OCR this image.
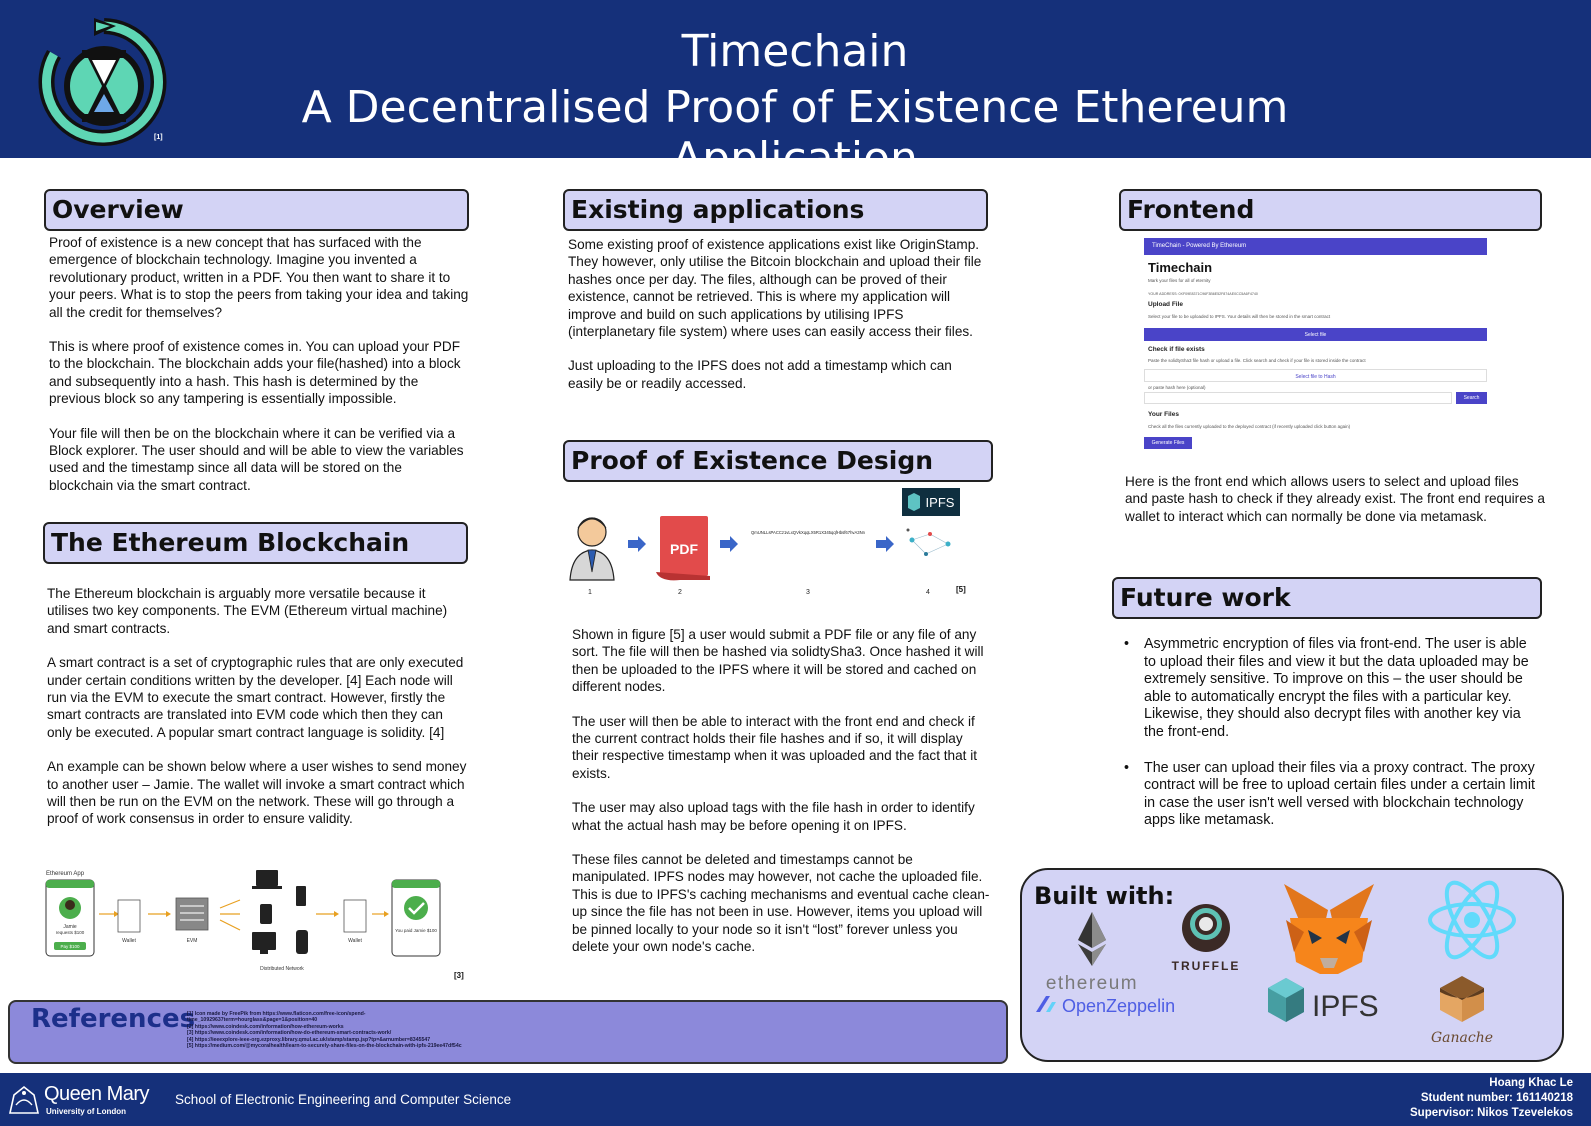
[1]
Timechain
A Decentralised Proof of Existence Ethereum Application
Overview

Proof of existence is a new concept that has surfaced with the emergence of blockchain technology. Imagine you invented a revolutionary product, written in a PDF. You then want to share it to your peers. What is to stop the peers from taking your idea and taking all the credit for themselves?

This is where proof of existence comes in. You can upload your PDF to the blockchain. The blockchain adds your file(hashed) into a block and subsequently into a hash. This hash is determined by the previous block so any tampering is essentially impossible.

Your file will then be on the blockchain where it can be verified via a Block explorer. The user should and will be able to view the variables used and the timestamp since all data will be stored on the blockchain via the smart contract.

The Ethereum Blockchain

The Ethereum blockchain is arguably more versatile because it utilises two key components. The EVM (Ethereum virtual machine) and smart contracts.

A smart contract is a set of cryptographic rules that are only executed under certain conditions written by the developer. [4] Each node will run via the EVM to execute the smart contract. However, firstly the smart contracts are translated into EVM code which then they can only be executed. A popular smart contract language is solidity. [4]

An example can be shown below where a user wishes to send money to another user – Jamie. The wallet will invoke a smart contract which will then be run on the EVM on the network. These will go through a proof of work consensus in order to ensure validity.

Ethereum App
Jamie
requests $100
Pay $100
Wallet	EVM
Distributed Network
Wallet
You paid Jamie $100
[3]
Existing applications

Some existing proof of existence applications exist like OriginStamp. They however, only utilise the Bitcoin blockchain and upload their file hashes once per day. The files, although can be proved of their existence, cannot be retrieved. This is where my application will improve and build on such applications by utilising IPFS (interplanetary file system) where uses can easily access their files.

Just uploading to the IPFS does not add a timestamp which can easily be or readily accessed.

Proof of Existence Design
PDF
QmUNLLsPACCz1vLxQVkXqqLX5R1X345qqfHbsf67hvA3Nn
IPFS
1	2	3	4	[5]

Shown in figure [5] a user would submit a PDF file or any file of any sort. The file will then be hashed via solidtySha3. Once hashed it will then be uploaded to the IPFS where it will be stored and cached on different nodes.

The user will then be able to interact with the front end and check if the current contract holds their file hashes and if so, it will display their respective timestamp when it was uploaded and the fact that it exists.

The user may also upload tags with the file hash in order to identify what the actual hash may be before opening it on IPFS.

These files cannot be deleted and timestamps cannot be manipulated. IPFS nodes may however, not cache the uploaded file. This is due to IPFS's caching mechanisms and eventual cache clean-up since the file has not been in use. However, items you upload will be pinned locally to your node so it isn't “lost” forever unless you delete your own node's cache.

Frontend
TimeChain - Powered By Ethereum
Timechain
Mark your files for all of eternity
YOUR ADDRESS: 0XF09E8371C96F3B6E52F874AE0CC5A6F4740
Upload File
Select your file to be uploaded to IPFS. Your details will then be stored in the smart contract
Select file
Check if file exists
Paste the solidtySha3 file hash or upload a file. Click search and check if your file is stored inside the contract
Select file to Hash
or paste hash here (optional)
Search
Your Files
Check all the files currently uploaded to the deployed contract (if recently uploaded click button again)
Generate Files

Here is the front end which allows users to select and upload files and paste hash to check if they already exist. The front end requires a wallet to interact which can normally be done via metamask.

Future work
• Asymmetric encryption of files via front-end. The user is able to upload their files and view it but the data uploaded may be extremely sensitive. To improve on this – the user should be able to automatically encrypt the files with a particular key. Likewise, they should also decrypt files with another key via the front-end.
• The user can upload their files via a proxy contract. The proxy contract will be free to upload certain files under a certain limit in case the user isn't well versed with blockchain technology apps like metamask.
References
[1] Icon made by FreePik from https://www.flaticon.com/free-icon/spend-
time_10929637term=hourglass&page=1&position=40
[2] https://www.coindesk.com/information/how-ethereum-works
[3] https://www.coindesk.com/information/how-do-ethereum-smart-contracts-work/
[4] https://ieeexplore-ieee-org.ezproxy.library.qmul.ac.uk/stamp/stamp.jsp?tp=&arnumber=8345547
[5] https://medium.com/@mycoralhealth/learn-to-securely-share-files-on-the-blockchain-with-ipfs-219ee47df54c
Built with:
ethereum
TRUFFLE
OpenZeppelin	IPFS
Ganache
Queen Mary
University of London
School of Electronic Engineering and Computer Science
Hoang Khac Le
Student number: 161140218
Supervisor: Nikos Tzevelekos
